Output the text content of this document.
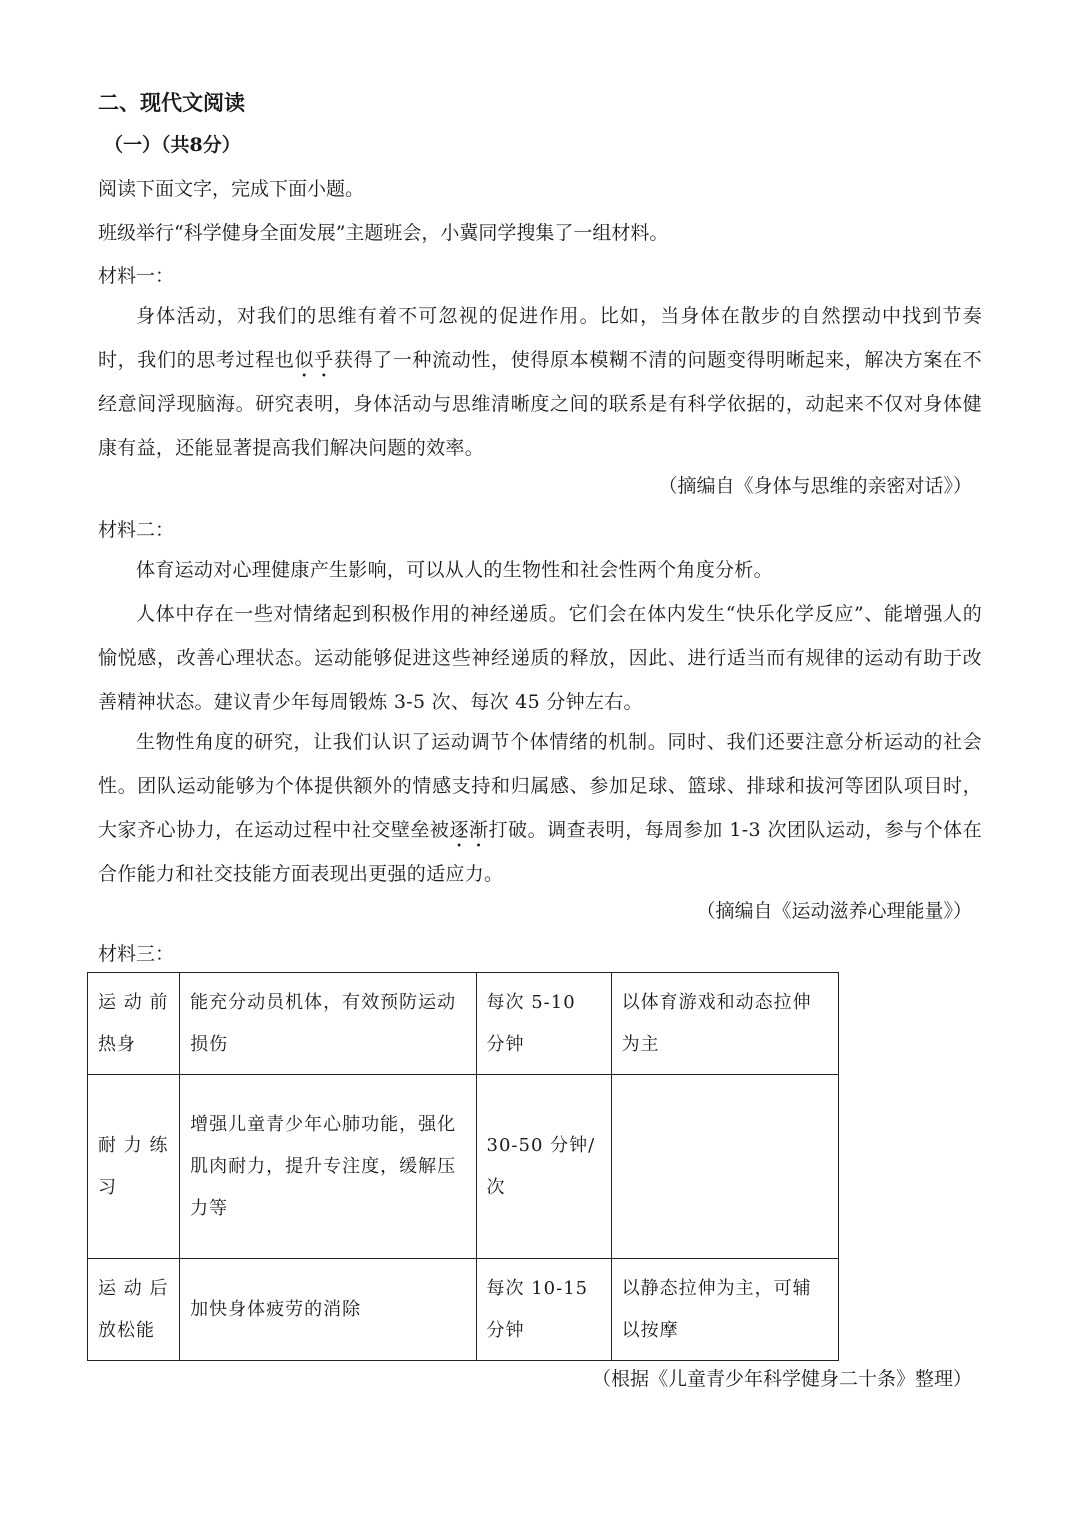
二、现代文阅读
（一）（共8分）
阅读下面文字，完成下面小题。
班级举行“科学健身全面发展”主题班会，小冀同学搜集了一组材料。
材料一：
身体活动，对我们的思维有着不可忽视的促进作用。比如，当身体在散步的自然摆动中找到节奏时，我们的思考过程也似乎获得了一种流动性，使得原本模糊不清的问题变得明晰起来，解决方案在不经意间浮现脑海。研究表明，身体活动与思维清晰度之间的联系是有科学依据的，动起来不仅对身体健康有益，还能显著提高我们解决问题的效率。
（摘编自《身体与思维的亲密对话》）
材料二：
体育运动对心理健康产生影响，可以从人的生物性和社会性两个角度分析。
人体中存在一些对情绪起到积极作用的神经递质。它们会在体内发生“快乐化学反应”、能增强人的愉悦感，改善心理状态。运动能够促进这些神经递质的释放，因此、进行适当而有规律的运动有助于改善精神状态。建议青少年每周锻炼 3-5 次、每次 45 分钟左右。
生物性角度的研究，让我们认识了运动调节个体情绪的机制。同时、我们还要注意分析运动的社会性。团队运动能够为个体提供额外的情感支持和归属感、参加足球、篮球、排球和拔河等团队项目时，大家齐心协力，在运动过程中社交壁垒被逐渐打破。调查表明，每周参加 1-3 次团队运动，参与个体在合作能力和社交技能方面表现出更强的适应力。
（摘编自《运动滋养心理能量》）
材料三：
运 动 前热身	能充分动员机体，有效预防运动损伤	每次 5-10 分钟	以体育游戏和动态拉伸为主
耐 力 练习	增强儿童青少年心肺功能，强化肌肉耐力，提升专注度，缓解压力等	30-50 分钟/次	
运 动 后放松能	加快身体疲劳的消除	每次 10-15 分钟	以静态拉伸为主，可辅以按摩
（根据《儿童青少年科学健身二十条》整理）
